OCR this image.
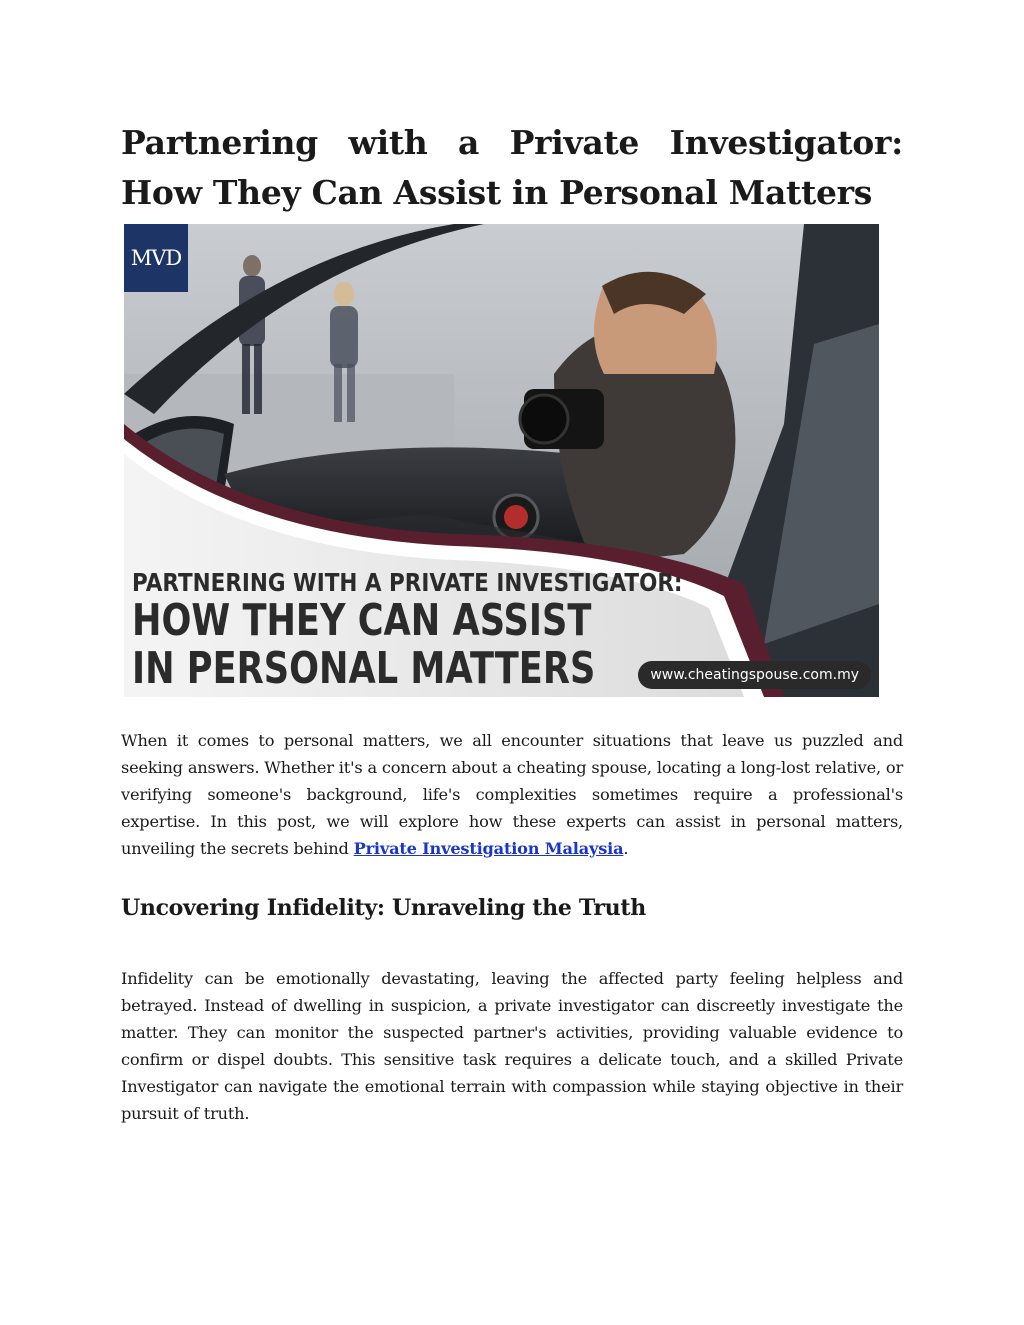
Partnering with a Private Investigator: How They Can Assist in Personal Matters
MVD
PARTNERING WITH A PRIVATE INVESTIGATOR:
HOW THEY CAN ASSIST
IN PERSONAL MATTERS	www.cheatingspouse.com.my

When it comes to personal matters, we all encounter situations that leave us puzzled and seeking answers. Whether it's a concern about a cheating spouse, locating a long-lost relative, or verifying someone's background, life's complexities sometimes require a professional's expertise. In this post, we will explore how these experts can assist in personal matters, unveiling the secrets behind Private Investigation Malaysia.

Uncovering Infidelity: Unraveling the Truth

Infidelity can be emotionally devastating, leaving the affected party feeling helpless and betrayed. Instead of dwelling in suspicion, a private investigator can discreetly investigate the matter. They can monitor the suspected partner's activities, providing valuable evidence to confirm or dispel doubts. This sensitive task requires a delicate touch, and a skilled Private Investigator can navigate the emotional terrain with compassion while staying objective in their pursuit of truth.
